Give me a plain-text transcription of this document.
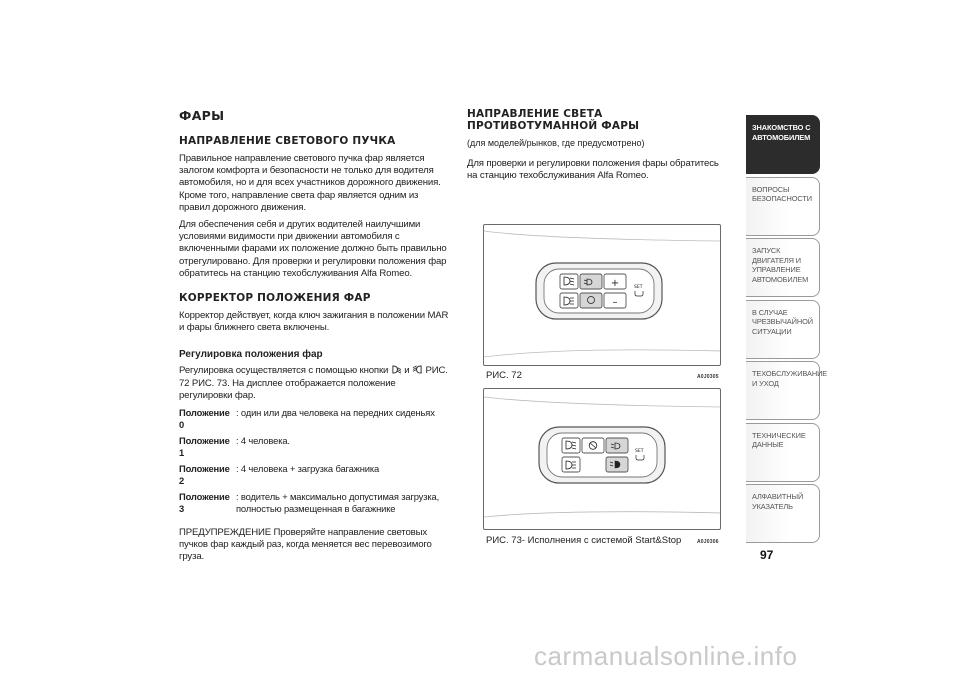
ФАРЫ
НАПРАВЛЕНИЕ СВЕТОВОГО ПУЧКА

Правильное направление светового пучка фар является залогом комфорта и безопасности не только для водителя автомобиля, но и для всех участников дорожного движения. Кроме того, направление света фар является одним из правил дорожного движения.

Для обеспечения себя и других водителей наилучшими условиями видимости при движении автомобиля с включенными фарами их положение должно быть правильно отрегулировано. Для проверки и регулировки положения фар обратитесь на станцию техобслуживания Alfa Romeo.

КОРРЕКТОР ПОЛОЖЕНИЯ ФАР

Корректор действует, когда ключ зажигания в положении MAR и фары ближнего света включены.

Регулировка положения фар

Регулировка осуществляется с помощью кнопки и РИС. 72 РИС. 73. На дисплее отображается положение регулировки фар.

Положение 0
: один или два человека на передних сиденьях
Положение 1
: 4 человека.
Положение 2
: 4 человека + загрузка багажника
Положение 3
: водитель + максимально допустимая загрузка, полностью размещенная в багажнике

ПРЕДУПРЕЖДЕНИЕ Проверяйте направление световых пучков фар каждый раз, когда меняется вес перевозимого груза.

НАПРАВЛЕНИЕ СВЕТА ПРОТИВОТУМАННОЙ ФАРЫ
(для моделей/рынков, где предусмотрено)

Для проверки и регулировки положения фары обратитесь на станцию техобслуживания Alfa Romeo.

+
–
SET
РИС. 72	A0J0305
SET
РИС. 73- Исполнения с системой Start&Stop	A0J0306
ЗНАКОМСТВО С АВТОМОБИЛЕМ
ВОПРОСЫ БЕЗОПАСНОСТИ
ЗАПУСК ДВИГАТЕЛЯ И УПРАВЛЕНИЕ АВТОМОБИЛЕМ
В СЛУЧАЕ ЧРЕЗВЫЧАЙНОЙ СИТУАЦИИ
ТЕХОБСЛУЖИВАНИЕ И УХОД
ТЕХНИЧЕСКИЕ ДАННЫЕ
АЛФАВИТНЫЙ УКАЗАТЕЛЬ
97
carmanualsonline.info
